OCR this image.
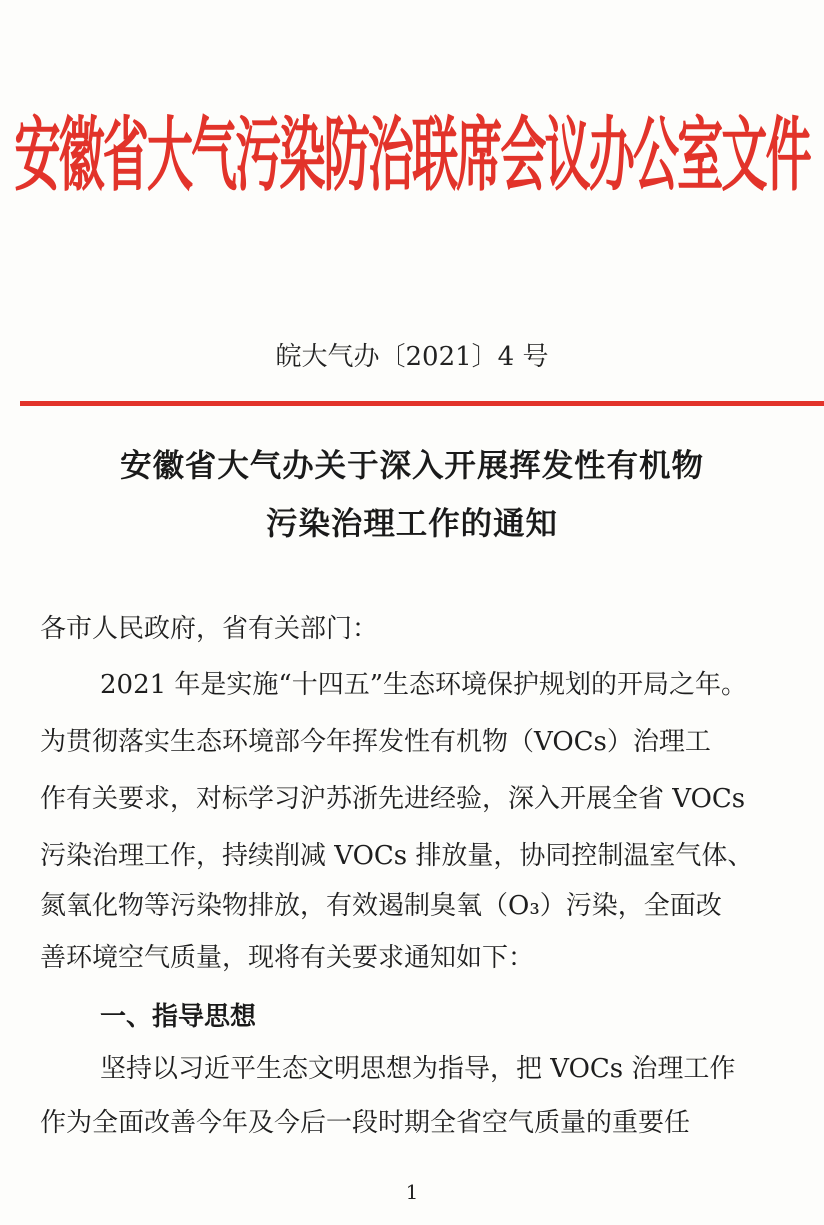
安徽省大气污染防治联席会议办公室文件
皖大气办〔2021〕4 号
安徽省大气办关于深入开展挥发性有机物
污染治理工作的通知
各市人民政府，省有关部门：
2021 年是实施“十四五”生态环境保护规划的开局之年。
为贯彻落实生态环境部今年挥发性有机物（VOCs）治理工
作有关要求，对标学习沪苏浙先进经验，深入开展全省 VOCs
污染治理工作，持续削减 VOCs 排放量，协同控制温室气体、
氮氧化物等污染物排放，有效遏制臭氧（O₃）污染，全面改
善环境空气质量，现将有关要求通知如下：
一、指导思想
坚持以习近平生态文明思想为指导，把 VOCs 治理工作
作为全面改善今年及今后一段时期全省空气质量的重要任
1
